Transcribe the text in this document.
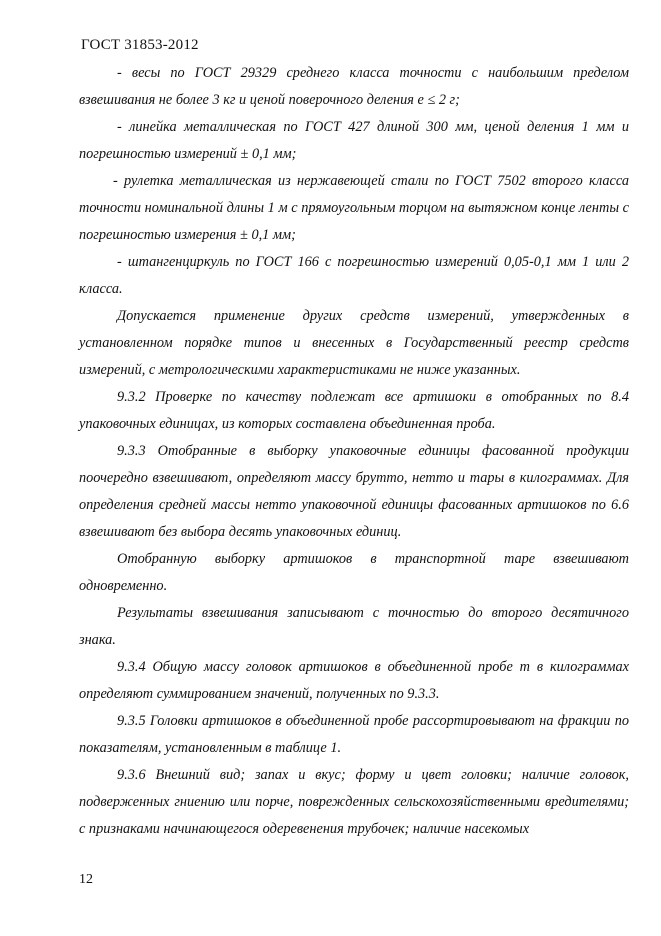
ГОСТ 31853-2012

- весы по ГОСТ 29329 среднего класса точности с наибольшим пределом взвешивания не более 3 кг и ценой поверочного деления е ≤ 2 г;

- линейка металлическая по ГОСТ 427 длиной 300 мм, ценой деления 1 мм и погрешностью измерений ± 0,1 мм;

- рулетка металлическая из нержавеющей стали по ГОСТ 7502 второго класса точности номинальной длины 1 м с прямоугольным торцом на вытяжном конце ленты с погрешностью измерения ± 0,1 мм;

- штангенциркуль по ГОСТ 166 с погрешностью измерений 0,05-0,1 мм 1 или 2 класса.

Допускается применение других средств измерений, утвержденных в установленном порядке типов и внесенных в Государственный реестр средств измерений, с метрологическими характеристиками не ниже указанных.

9.3.2 Проверке по качеству подлежат все артишоки в отобранных по 8.4 упаковочных единицах, из которых составлена объединенная проба.

9.3.3 Отобранные в выборку упаковочные единицы фасованной продукции поочередно взвешивают, определяют массу брутто, нетто и тары в килограммах. Для определения средней массы нетто упаковочной единицы фасованных артишоков по 6.6 взвешивают без выбора десять упаковочных единиц.

Отобранную выборку артишоков в транспортной таре взвешивают одновременно.

Результаты взвешивания записывают с точностью до второго десятичного знака.

9.3.4 Общую массу головок артишоков в объединенной пробе m в килограммах определяют суммированием значений, полученных по 9.3.3.

9.3.5 Головки артишоков в объединенной пробе рассортировывают на фракции по показателям, установленным в таблице 1.

9.3.6 Внешний вид; запах и вкус; форму и цвет головки; наличие головок, подверженных гниению или порче, поврежденных сельскохозяйственными вредителями; с признаками начинающегося одеревенения трубочек; наличие насекомых

12
